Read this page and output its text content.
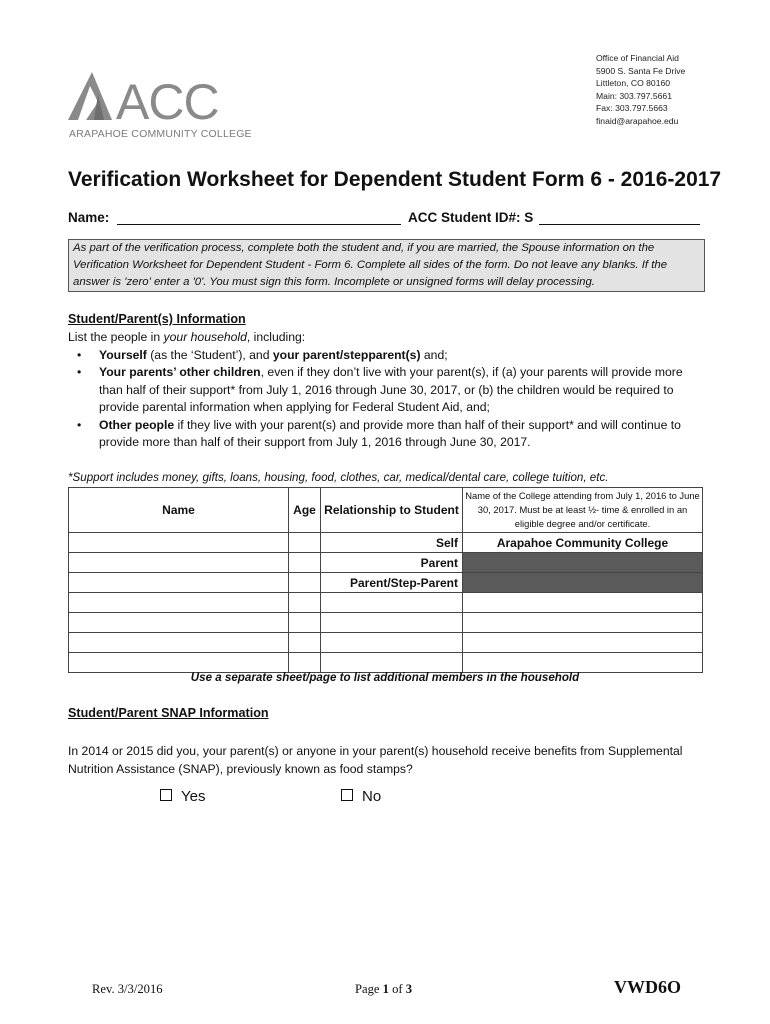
Office of Financial Aid
5900 S. Santa Fe Drive
Littleton, CO 80160
Main: 303.797.5661
Fax: 303.797.5663
finaid@arapahoe.edu
ACC
ARAPAHOE COMMUNITY COLLEGE
Verification Worksheet for Dependent Student Form 6 - 2016-2017
Name:	ACC Student ID#: S

As part of the verification process, complete both the student and, if you are married, the Spouse information on the Verification Worksheet for Dependent Student - Form 6. Complete all sides of the form. Do not leave any blanks. If the answer is 'zero' enter a '0'. You must sign this form. Incomplete or unsigned forms will delay processing.

Student/Parent(s) Information
List the people in your household, including:
• Yourself (as the ‘Student’), and your parent/stepparent(s) and;
• Your parents’ other children, even if they don’t live with your parent(s), if (a) your parents will provide more than half of their support* from July 1, 2016 through June 30, 2017, or (b) the children would be required to provide parental information when applying for Federal Student Aid, and;
• Other people if they live with your parent(s) and provide more than half of their support* and will continue to provide more than half of their support from July 1, 2016 through June 30, 2017.
*Support includes money, gifts, loans, housing, food, clothes, car, medical/dental care, college tuition, etc.
Name	Age	Relationship to Student	Name of the College attending from July 1, 2016 to June 30, 2017. Must be at least ½- time & enrolled in an eligible degree and/or certificate.
		Self	Arapahoe Community College
		Parent	
		Parent/Step-Parent	

Use a separate sheet/page to list additional members in the household
Student/Parent SNAP Information
In 2014 or 2015 did you, your parent(s) or anyone in your parent(s) household receive benefits from Supplemental Nutrition Assistance (SNAP), previously known as food stamps?
Yes	No
Rev. 3/3/2016	Page 1 of 3	VWD6O
